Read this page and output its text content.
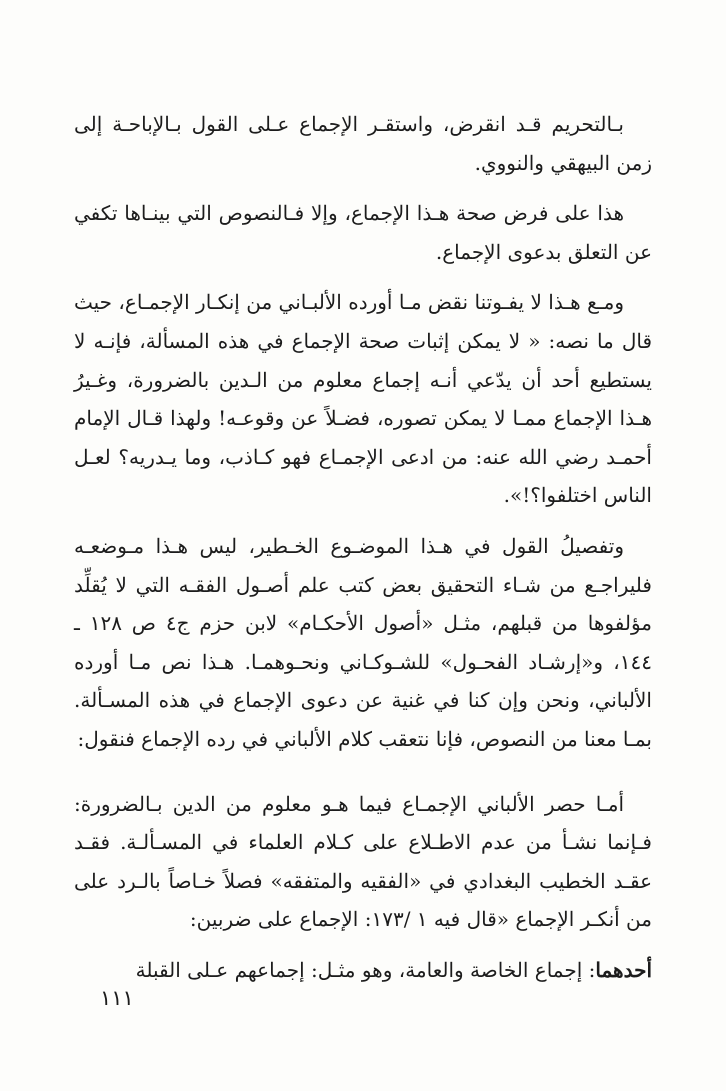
بـالتحريم قـد انقرض، واستقـر الإجماع عـلى القول بـالإباحـة إلى زمن البيهقي والنووي.

هذا على فرض صحة هـذا الإجماع، وإلا فـالنصوص التي بينـاها تكفي عن التعلق بدعوى الإجماع.

ومـع هـذا لا يفـوتنا نقض مـا أورده الألبـاني من إنكـار الإجمـاع، حيث قال ما نصه: « لا يمكن إثبات صحة الإجماع في هذه المسألة، فإنـه لا يستطيع أحد أن يدّعي أنـه إجماع معلوم من الـدين بالضرورة، وغـيرُ هـذا الإجماع ممـا لا يمكن تصوره، فضـلاً عن وقوعـه! ولهذا قـال الإمام أحمـد رضي الله عنه: من ادعى الإجمـاع فهو كـاذب، وما يـدريه؟ لعـل الناس اختلفوا؟!».

وتفصيلُ القول في هـذا الموضـوع الخـطير، ليس هـذا مـوضعـه فليراجـع من شـاء التحقيق بعض كتب علم أصـول الفقـه التي لا يُقلِّد مؤلفوها من قبلهم، مثـل «أصول الأحكـام» لابن حزم ج٤ ص ١٢٨ ـ ١٤٤، و«إرشـاد الفحـول» للشـوكـاني ونحـوهمـا. هـذا نص مـا أورده الألباني، ونحن وإن كنا في غنية عن دعوى الإجماع في هذه المسـألة. بمـا معنا من النصوص، فإنا نتعقب كلام الألباني في رده الإجماع فنقول:

أمـا حصر الألباني الإجمـاع فيما هـو معلوم من الدين بـالضرورة: فـإنما نشـأ من عدم الاطـلاع على كـلام العلماء في المسـألـة. فقـد عقـد الخطيب البغدادي في «الفقيه والمتفقه» فصلاً خـاصاً بالـرد على من أنكـر الإجماع «قال فيه ١ /١٧٣: الإجماع على ضربين:

أحدهما: إجماع الخاصة والعامة، وهو مثـل: إجماعهم عـلى القبلة

١١١
